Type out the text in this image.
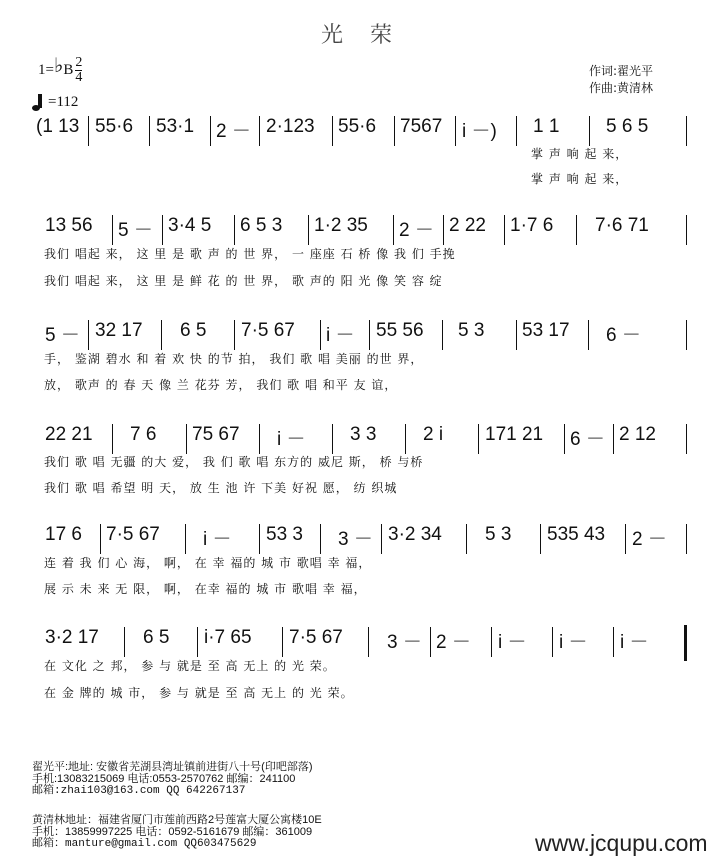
光 荣
1=♭B $\frac{2}{4}$
=112
作词:翟光平
作曲:黄清林
(1 13 55·6 53·1 2 － 2·123 55·6 7567 i －) 1 1 5 6 5
掌 声 响 起 来，
掌 声 响 起 来，
13 56 5 － 3·4 5 6 5 3 1·2 35 2 － 2 22 1·7 6 7·6 71
我们 唱起 来， 这 里 是 歌 声 的 世 界， 一 座座 石 桥 像 我 们 手挽
我们 唱起 来， 这 里 是 鲜 花 的 世 界， 歌 声的 阳 光 像 笑 容 绽
5 － 32 17 6 5 7·5 67 i － 55 56 5 3 53 17 6 －
手， 鉴湖 碧水 和 着 欢 快 的节 拍， 我们 歌 唱 美丽 的世 界，
放， 歌声 的 春 天 像 兰 花芬 芳， 我们 歌 唱 和平 友 谊，
22 21 7 6 75 67 i － 3 3 2 i 171 21 6 － 2 12
我们 歌 唱 无疆 的大 爱， 我 们 歌 唱 东方的 威尼 斯， 桥 与桥
我们 歌 唱 希望 明 天， 放 生 池 许 下美 好祝 愿， 纺 织城
17 6 7·5 67 i － 53 3 3 － 3·2 34 5 3 535 43 2 －
连 着 我 们 心 海， 啊， 在 幸 福的 城 市 歌唱 幸 福，
展 示 未 来 无 限， 啊， 在幸 福的 城 市 歌唱 幸 福，
3·2 17 6 5 i·7 65 7·5 67 3 － 2 － i － i － i －
在 文化 之 邦， 参 与 就是 至 高 无上 的 光 荣。
在 金 牌的 城 市， 参 与 就是 至 高 无上 的 光 荣。
翟光平:地址: 安徽省芜湖县湾址镇前进街八十号(印吧部落)
手机:13083215069 电话:0553-2570762 邮编：241100
邮箱:zhai103@163.com QQ 642267137
黄清林地址：福建省厦门市莲前西路2号莲富大厦公寓楼10E
手机：13859997225 电话：0592-5161679 邮编：361009
邮箱：manture@gmail.com QQ603475629	www.jcqupu.com
